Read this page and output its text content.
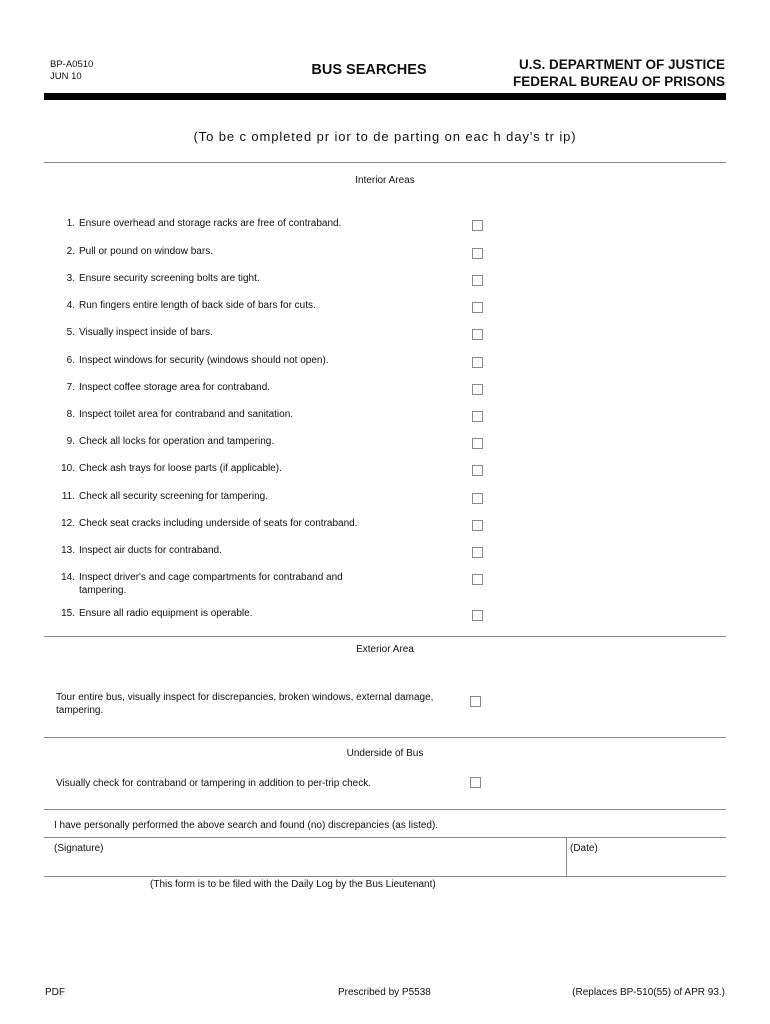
BP-A0510
JUN 10	BUS SEARCHES	U.S. DEPARTMENT OF JUSTICE
FEDERAL BUREAU OF PRISONS
(To be c ompleted pr ior to de parting on eac h day's tr ip)
Interior Areas
1. Ensure overhead and storage racks are free of contraband.
2. Pull or pound on window bars.
3. Ensure security screening bolts are tight.
4. Run fingers entire length of back side of bars for cuts.
5. Visually inspect inside of bars.
6. Inspect windows for security (windows should not open).
7. Inspect coffee storage area for contraband.
8. Inspect toilet area for contraband and sanitation.
9. Check all locks for operation and tampering.
10. Check ash trays for loose parts (if applicable).
11. Check all security screening for tampering.
12. Check seat cracks including underside of seats for contraband.
13. Inspect air ducts for contraband.
14. Inspect driver's and cage compartments for contraband and tampering.
15. Ensure all radio equipment is operable.
Exterior Area
Tour entire bus, visually inspect for discrepancies, broken windows, external damage, tampering.
Underside of Bus
Visually check for contraband or tampering in addition to per-trip check.
I have personally performed the above search and found (no) discrepancies (as listed).
(Signature)	(Date)
(This form is to be filed with the Daily Log by the Bus Lieutenant)
PDF	Prescribed by P5538	(Replaces BP-510(55) of APR 93.)
